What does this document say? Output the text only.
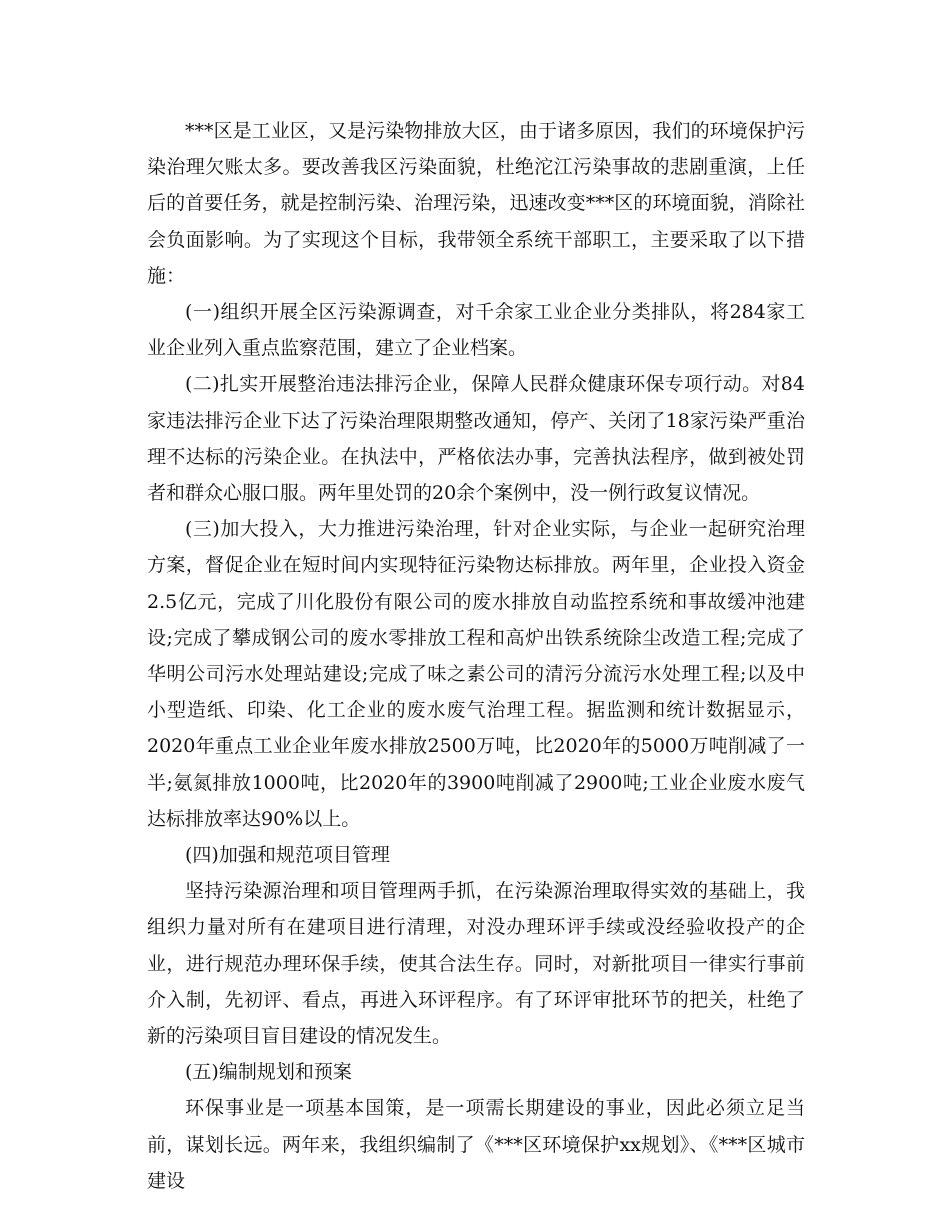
***区是工业区，又是污染物排放大区，由于诸多原因，我们的环境保护污染治理欠账太多。要改善我区污染面貌，杜绝沱江污染事故的悲剧重演，上任后的首要任务，就是控制污染、治理污染，迅速改变***区的环境面貌，消除社会负面影响。为了实现这个目标，我带领全系统干部职工，主要采取了以下措施：

(一)组织开展全区污染源调查，对千余家工业企业分类排队，将284家工业企业列入重点监察范围，建立了企业档案。

(二)扎实开展整治违法排污企业，保障人民群众健康环保专项行动。对84家违法排污企业下达了污染治理限期整改通知，停产、关闭了18家污染严重治理不达标的污染企业。在执法中，严格依法办事，完善执法程序，做到被处罚者和群众心服口服。两年里处罚的20余个案例中，没一例行政复议情况。

(三)加大投入，大力推进污染治理，针对企业实际，与企业一起研究治理方案，督促企业在短时间内实现特征污染物达标排放。两年里，企业投入资金2.5亿元，完成了川化股份有限公司的废水排放自动监控系统和事故缓冲池建设;完成了攀成钢公司的废水零排放工程和高炉出铁系统除尘改造工程;完成了华明公司污水处理站建设;完成了味之素公司的清污分流污水处理工程;以及中小型造纸、印染、化工企业的废水废气治理工程。据监测和统计数据显示，2020年重点工业企业年废水排放2500万吨，比2020年的5000万吨削减了一半;氨氮排放1000吨，比2020年的3900吨削减了2900吨;工业企业废水废气达标排放率达90%以上。

(四)加强和规范项目管理

坚持污染源治理和项目管理两手抓，在污染源治理取得实效的基础上，我组织力量对所有在建项目进行清理，对没办理环评手续或没经验收投产的企业，进行规范办理环保手续，使其合法生存。同时，对新批项目一律实行事前介入制，先初评、看点，再进入环评程序。有了环评审批环节的把关，杜绝了新的污染项目盲目建设的情况发生。

(五)编制规划和预案

环保事业是一项基本国策，是一项需长期建设的事业，因此必须立足当前，谋划长远。两年来，我组织编制了《***区环境保护xx规划》、《***区城市建设
